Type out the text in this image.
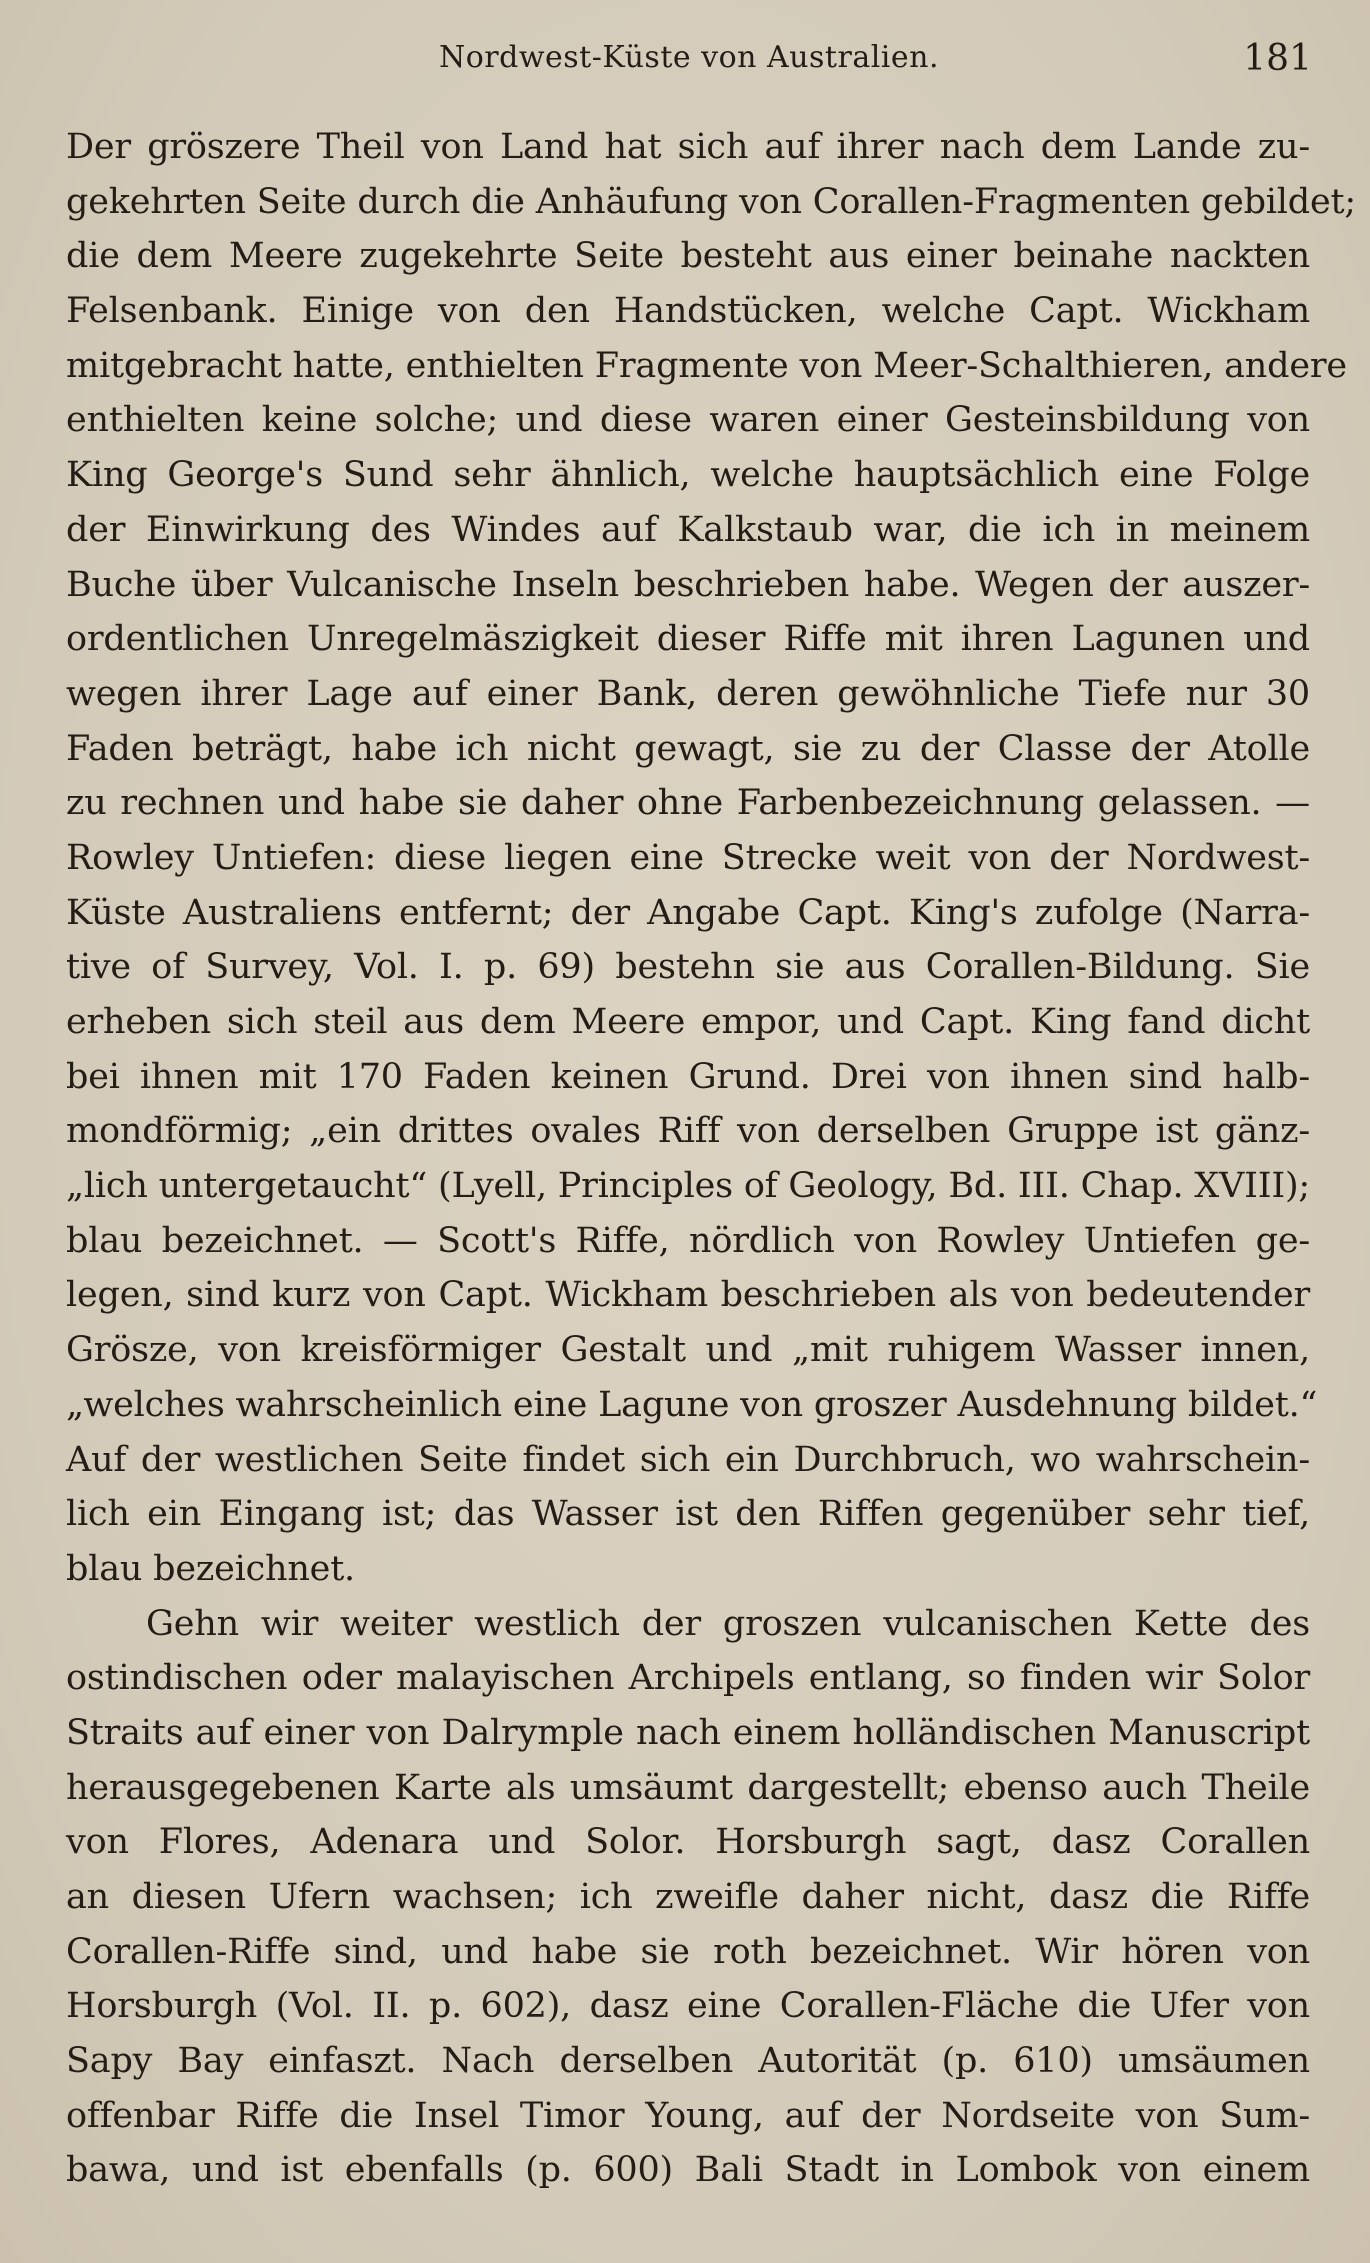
Nordwest-Küste von Australien.	181
Der gröszere Theil von Land hat sich auf ihrer nach dem Lande zu-
gekehrten Seite durch die Anhäufung von Corallen-Fragmenten gebildet;
die dem Meere zugekehrte Seite besteht aus einer beinahe nackten
Felsenbank. Einige von den Handstücken, welche Capt. Wickham
mitgebracht hatte, enthielten Fragmente von Meer-Schalthieren, andere
enthielten keine solche; und diese waren einer Gesteinsbildung von
King George's Sund sehr ähnlich, welche hauptsächlich eine Folge
der Einwirkung des Windes auf Kalkstaub war, die ich in meinem
Buche über Vulcanische Inseln beschrieben habe. Wegen der auszer-
ordentlichen Unregelmäszigkeit dieser Riffe mit ihren Lagunen und
wegen ihrer Lage auf einer Bank, deren gewöhnliche Tiefe nur 30
Faden beträgt, habe ich nicht gewagt, sie zu der Classe der Atolle
zu rechnen und habe sie daher ohne Farbenbezeichnung gelassen. —
Rowley Untiefen: diese liegen eine Strecke weit von der Nordwest-
Küste Australiens entfernt; der Angabe Capt. King's zufolge (Narra-
tive of Survey, Vol. I. p. 69) bestehn sie aus Corallen-Bildung. Sie
erheben sich steil aus dem Meere empor, und Capt. King fand dicht
bei ihnen mit 170 Faden keinen Grund. Drei von ihnen sind halb-
mondförmig; „ein drittes ovales Riff von derselben Gruppe ist gänz-
„lich untergetaucht“ (Lyell, Principles of Geology, Bd. III. Chap. XVIII);
blau bezeichnet. — Scott's Riffe, nördlich von Rowley Untiefen ge-
legen, sind kurz von Capt. Wickham beschrieben als von bedeutender
Grösze, von kreisförmiger Gestalt und „mit ruhigem Wasser innen,
„welches wahrscheinlich eine Lagune von groszer Ausdehnung bildet.“
Auf der westlichen Seite findet sich ein Durchbruch, wo wahrschein-
lich ein Eingang ist; das Wasser ist den Riffen gegenüber sehr tief,
blau bezeichnet.
Gehn wir weiter westlich der groszen vulcanischen Kette des
ostindischen oder malayischen Archipels entlang, so finden wir Solor
Straits auf einer von Dalrymple nach einem holländischen Manuscript
herausgegebenen Karte als umsäumt dargestellt; ebenso auch Theile
von Flores, Adenara und Solor. Horsburgh sagt, dasz Corallen
an diesen Ufern wachsen; ich zweifle daher nicht, dasz die Riffe
Corallen-Riffe sind, und habe sie roth bezeichnet. Wir hören von
Horsburgh (Vol. II. p. 602), dasz eine Corallen-Fläche die Ufer von
Sapy Bay einfaszt. Nach derselben Autorität (p. 610) umsäumen
offenbar Riffe die Insel Timor Young, auf der Nordseite von Sum-
bawa, und ist ebenfalls (p. 600) Bali Stadt in Lombok von einem
